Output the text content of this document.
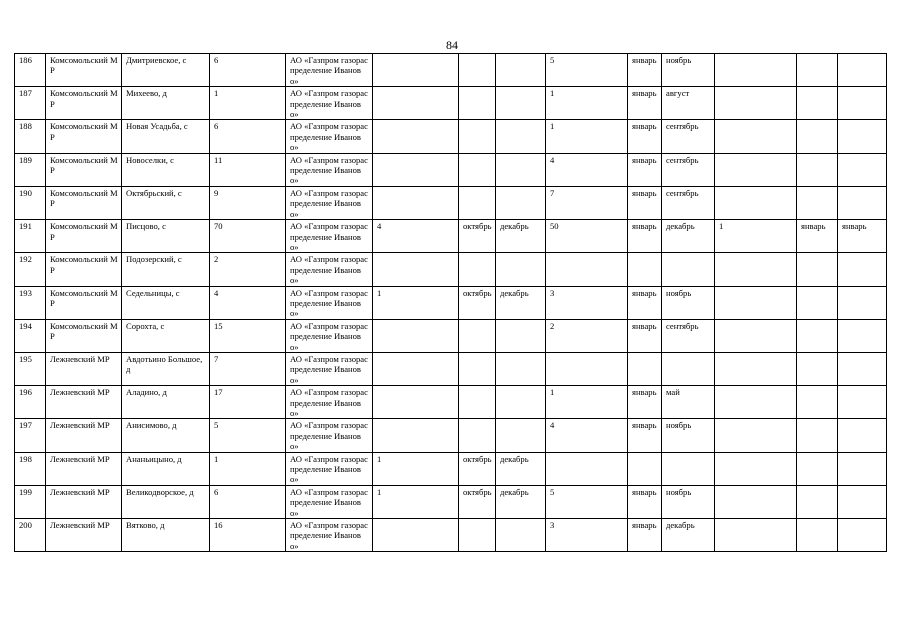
84
186	Комсомольский МР	Дмитриевское, с	6	АО «Газпром газораспределение Иваново»				5	январь	ноябрь			
187	Комсомольский МР	Михеево, д	1	АО «Газпром газораспределение Иваново»				1	январь	август			
188	Комсомольский МР	Новая Усадьба, с	6	АО «Газпром газораспределение Иваново»				1	январь	сентябрь			
189	Комсомольский МР	Новоселки, с	11	АО «Газпром газораспределение Иваново»				4	январь	сентябрь			
190	Комсомольский МР	Октябрьский, с	9	АО «Газпром газораспределение Иваново»				7	январь	сентябрь			
191	Комсомольский МР	Писцово, с	70	АО «Газпром газораспределение Иваново»	4	октябрь	декабрь	50	январь	декабрь	1	январь	январь
192	Комсомольский МР	Подозерский, с	2	АО «Газпром газораспределение Иваново»									
193	Комсомольский МР	Седельницы, с	4	АО «Газпром газораспределение Иваново»	1	октябрь	декабрь	3	январь	ноябрь			
194	Комсомольский МР	Сорохта, с	15	АО «Газпром газораспределение Иваново»				2	январь	сентябрь			
195	Лежневский МР	Авдотьино Большое, д	7	АО «Газпром газораспределение Иваново»									
196	Лежневский МР	Аладино, д	17	АО «Газпром газораспределение Иваново»				1	январь	май			
197	Лежневский МР	Анисимово, д	5	АО «Газпром газораспределение Иваново»				4	январь	ноябрь			
198	Лежневский МР	Ананьицыно, д	1	АО «Газпром газораспределение Иваново»	1	октябрь	декабрь						
199	Лежневский МР	Великодворское, д	6	АО «Газпром газораспределение Иваново»	1	октябрь	декабрь	5	январь	ноябрь			
200	Лежневский МР	Вятково, д	16	АО «Газпром газораспределение Иваново»				3	январь	декабрь			
